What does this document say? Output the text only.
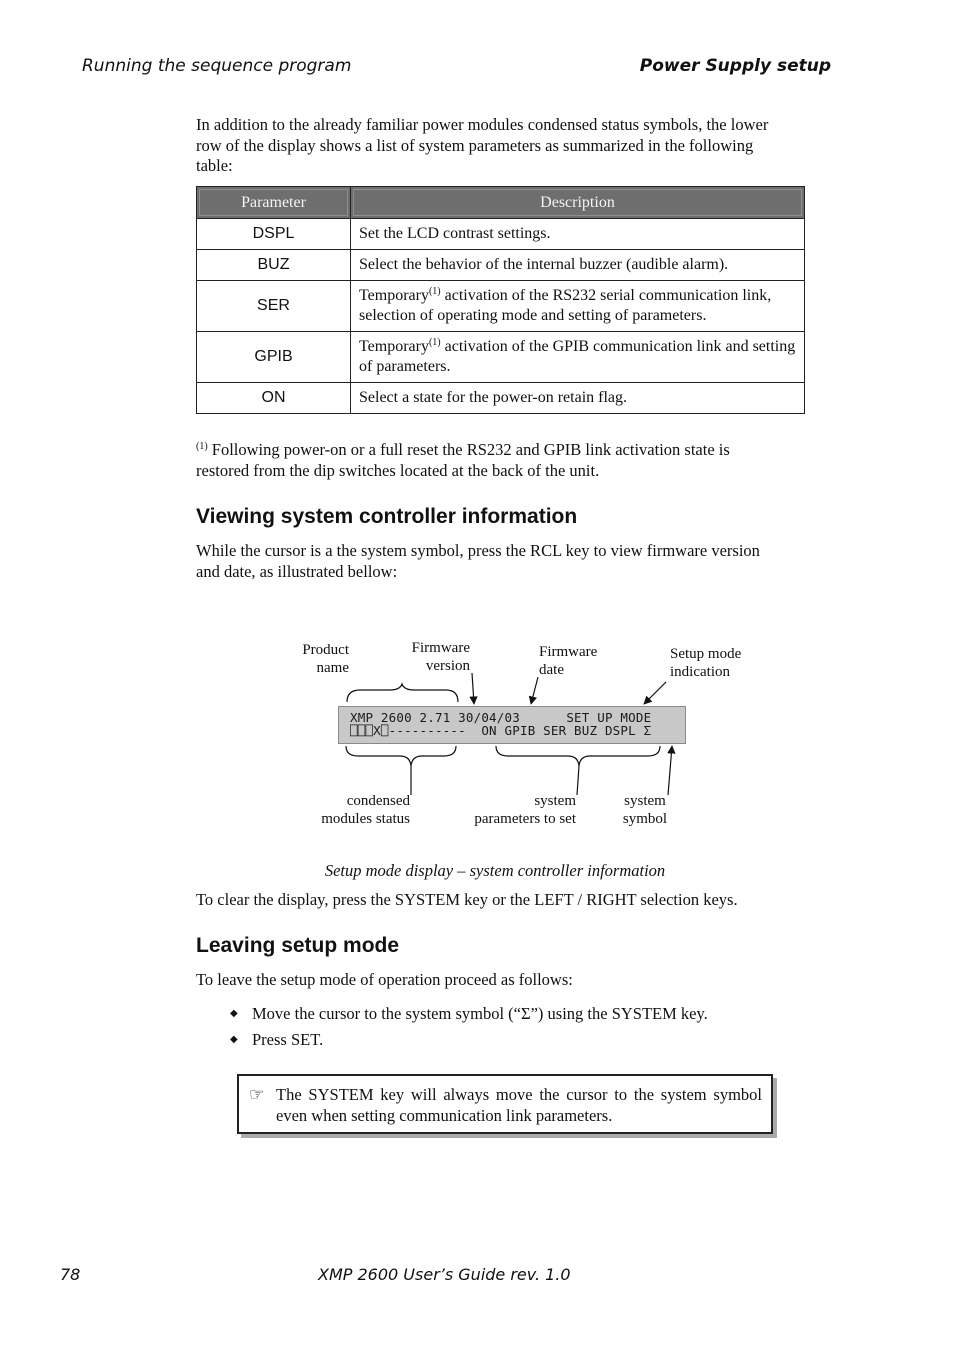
Running the sequence program	Power Supply setup
In addition to the already familiar power modules condensed status symbols, the lower row of the display shows a list of system parameters as summarized in the following table:
Parameter	Description

DSPL	Set the LCD contrast settings.
BUZ	Select the behavior of the internal buzzer (audible alarm).
SER	Temporary$^{(1)}$ activation of the RS232 serial communication link, selection of operating mode and setting of parameters.
GPIB	Temporary$^{(1)}$ activation of the GPIB communication link and setting of parameters.
ON	Select a state for the power-on retain flag.
$^{(1)}$ Following power-on or a full reset the RS232 and GPIB link activation state is restored from the dip switches located at the back of the unit.
Viewing system controller information
While the cursor is a the system symbol, press the RCL key to view firmware version and date, as illustrated bellow:
Product
name
Firmware
version
Firmware
date
Setup mode
indication
XMP 2600 2.71 30/04/03      SET UP MODE
⎕⎕⎕X⎕----------  ON GPIB SER BUZ DSPL Σ
condensed
modules status
system
parameters to set
system
symbol
Setup mode display – system controller information
To clear the display, press the SYSTEM key or the LEFT / RIGHT selection keys.
Leaving setup mode
To leave the setup mode of operation proceed as follows:
◆ Move the cursor to the system symbol (“Σ”) using the SYSTEM key.
◆ Press SET.
☞ The SYSTEM key will always move the cursor to the system symbol even when setting communication link parameters.
78	XMP 2600 User’s Guide rev. 1.0
